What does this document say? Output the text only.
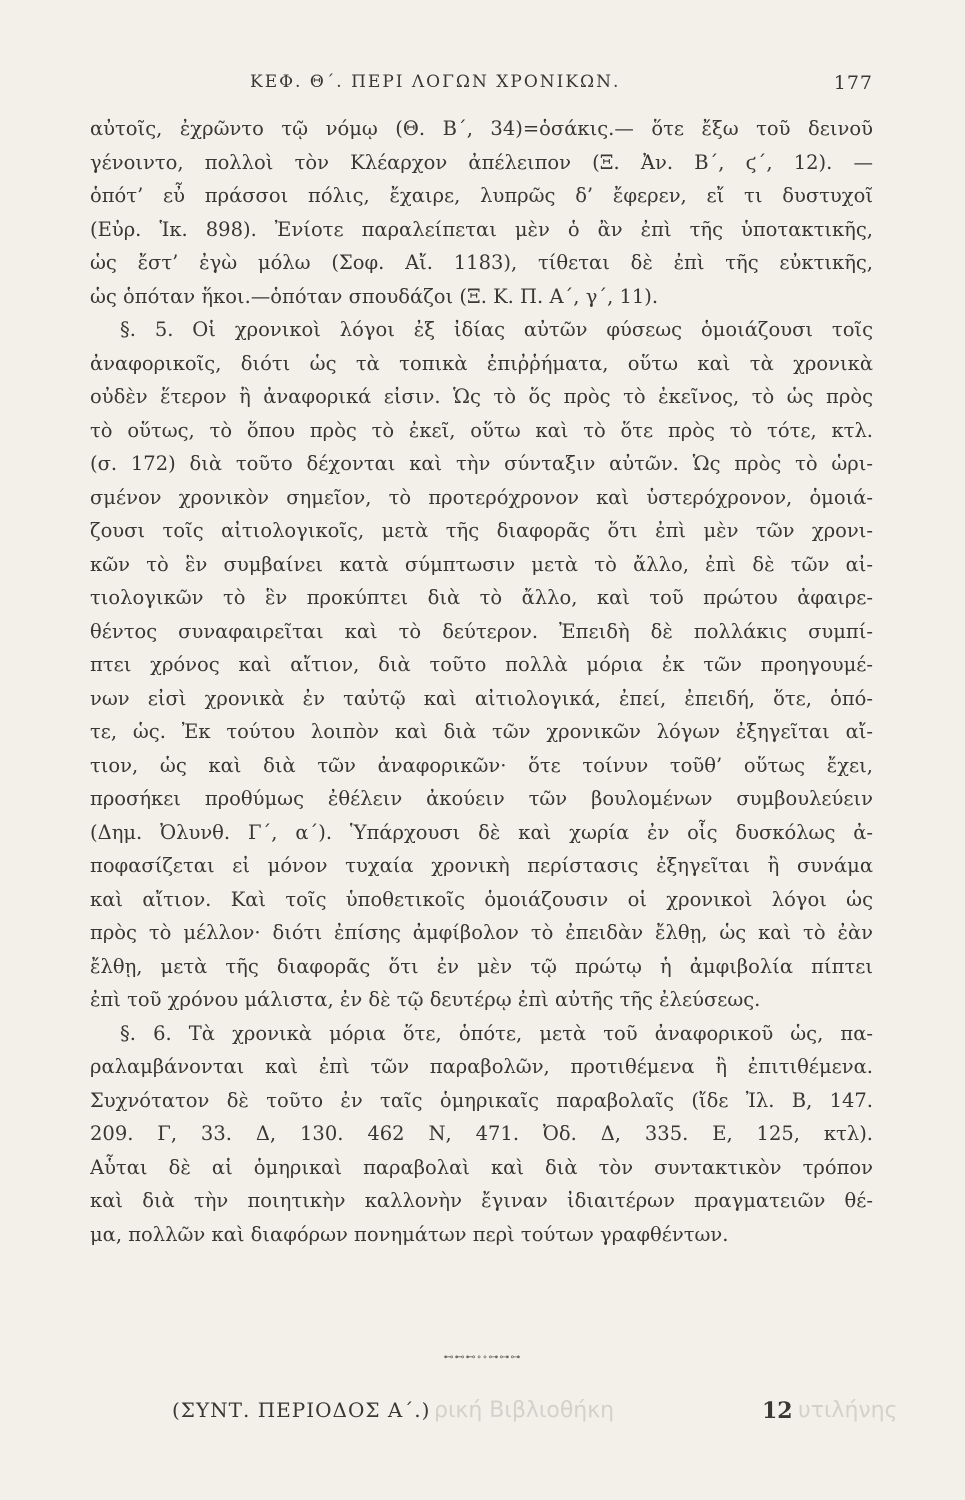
ΚΕΦ. Θ΄. ΠΕΡΙ ΛΟΓΩΝ ΧΡΟΝΙΚΩΝ.	177
αὐτοῖς, ἐχρῶντο τῷ νόμῳ (Θ. Β΄, 34)=ὁσάκις.— ὅτε ἔξω τοῦ δεινοῦ
γένοιντο, πολλοὶ τὸν Κλέαρχον ἀπέλειπον (Ξ. Ἀν. Β΄, ϛ΄, 12). —
ὁπότ’ εὖ πράσσοι πόλις, ἔχαιρε, λυπρῶς δ’ ἔφερεν, εἴ τι δυστυχοῖ
(Εὐρ. Ἱκ. 898). Ἐνίοτε παραλείπεται μὲν ὁ ἂν ἐπὶ τῆς ὑποτακτικῆς,
ὡς ἔστ’ ἐγὼ μόλω (Σοφ. Αἴ. 1183), τίθεται δὲ ἐπὶ τῆς εὐκτικῆς,
ὡς ὁπόταν ἥκοι.—ὁπόταν σπουδάζοι (Ξ. Κ. Π. Α΄, γ΄, 11).
§. 5. Οἱ χρονικοὶ λόγοι ἐξ ἰδίας αὐτῶν φύσεως ὁμοιάζουσι τοῖς
ἀναφορικοῖς, διότι ὡς τὰ τοπικὰ ἐπιῤῥήματα, οὕτω καὶ τὰ χρονικὰ
οὐδὲν ἕτερον ἢ ἀναφορικά εἰσιν. Ὡς τὸ ὅς πρὸς τὸ ἐκεῖνος, τὸ ὡς πρὸς
τὸ οὕτως, τὸ ὅπου πρὸς τὸ ἐκεῖ, οὕτω καὶ τὸ ὅτε πρὸς τὸ τότε, κτλ.
(σ. 172) διὰ τοῦτο δέχονται καὶ τὴν σύνταξιν αὐτῶν. Ὡς πρὸς τὸ ὡρι-
σμένον χρονικὸν σημεῖον, τὸ προτερόχρονον καὶ ὑστερόχρονον, ὁμοιά-
ζουσι τοῖς αἰτιολογικοῖς, μετὰ τῆς διαφορᾶς ὅτι ἐπὶ μὲν τῶν χρονι-
κῶν τὸ ἓν συμβαίνει κατὰ σύμπτωσιν μετὰ τὸ ἄλλο, ἐπὶ δὲ τῶν αἰ-
τιολογικῶν τὸ ἓν προκύπτει διὰ τὸ ἄλλο, καὶ τοῦ πρώτου ἀφαιρε-
θέντος συναφαιρεῖται καὶ τὸ δεύτερον. Ἐπειδὴ δὲ πολλάκις συμπί-
πτει χρόνος καὶ αἴτιον, διὰ τοῦτο πολλὰ μόρια ἐκ τῶν προηγουμέ-
νων εἰσὶ χρονικὰ ἐν ταὐτῷ καὶ αἰτιολογικά, ἐπεί, ἐπειδή, ὅτε, ὁπό-
τε, ὡς. Ἐκ τούτου λοιπὸν καὶ διὰ τῶν χρονικῶν λόγων ἐξηγεῖται αἴ-
τιον, ὡς καὶ διὰ τῶν ἀναφορικῶν· ὅτε τοίνυν τοῦθ’ οὕτως ἔχει,
προσήκει προθύμως ἐθέλειν ἀκούειν τῶν βουλομένων συμβουλεύειν
(Δημ. Ὀλυνθ. Γ΄, α΄). Ὑπάρχουσι δὲ καὶ χωρία ἐν οἷς δυσκόλως ἀ-
ποφασίζεται εἰ μόνον τυχαία χρονικὴ περίστασις ἐξηγεῖται ἢ συνάμα
καὶ αἴτιον. Καὶ τοῖς ὑποθετικοῖς ὁμοιάζουσιν οἱ χρονικοὶ λόγοι ὡς
πρὸς τὸ μέλλον· διότι ἐπίσης ἀμφίβολον τὸ ἐπειδὰν ἔλθῃ, ὡς καὶ τὸ ἐὰν
ἔλθῃ, μετὰ τῆς διαφορᾶς ὅτι ἐν μὲν τῷ πρώτῳ ἡ ἀμφιβολία πίπτει
ἐπὶ τοῦ χρόνου μάλιστα, ἐν δὲ τῷ δευτέρῳ ἐπὶ αὐτῆς τῆς ἐλεύσεως.
§. 6. Τὰ χρονικὰ μόρια ὅτε, ὁπότε, μετὰ τοῦ ἀναφορικοῦ ὡς, πα-
ραλαμβάνονται καὶ ἐπὶ τῶν παραβολῶν, προτιθέμενα ἢ ἐπιτιθέμενα.
Συχνότατον δὲ τοῦτο ἐν ταῖς ὁμηρικαῖς παραβολαῖς (ἴδε Ἰλ. Β, 147.
209. Γ, 33. Δ, 130. 462 Ν, 471. Ὀδ. Δ, 335. Ε, 125, κτλ).
Αὗται δὲ αἱ ὁμηρικαὶ παραβολαὶ καὶ διὰ τὸν συντακτικὸν τρόπον
καὶ διὰ τὴν ποιητικὴν καλλονὴν ἔγιναν ἰδιαιτέρων πραγματειῶν θέ-
μα, πολλῶν καὶ διαφόρων πονημάτων περὶ τούτων γραφθέντων.
⊷⊷⊷∘∘⊶⊶⊶
(ΣΥΝΤ. ΠΕΡΙΟΔΟΣ Α΄.) ρική Βιβλιοθήκη	12 υτιλήνης
